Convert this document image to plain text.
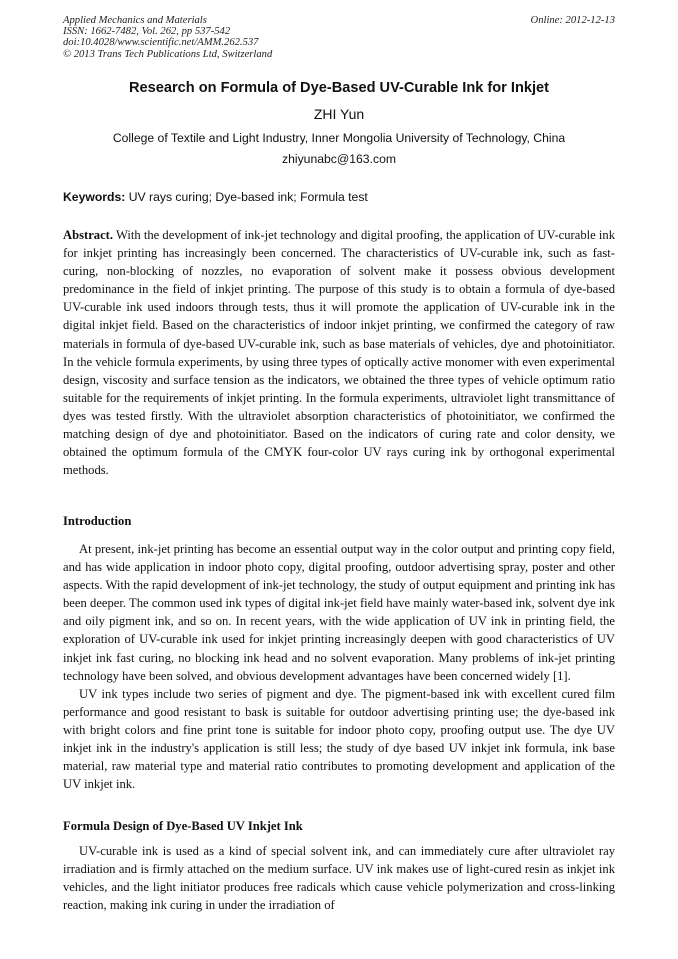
Applied Mechanics and Materials	Online: 2012-12-13
ISSN: 1662-7482, Vol. 262, pp 537-542
doi:10.4028/www.scientific.net/AMM.262.537
© 2013 Trans Tech Publications Ltd, Switzerland
Research on Formula of Dye-Based UV-Curable Ink for Inkjet
ZHI Yun
College of Textile and Light Industry, Inner Mongolia University of Technology, China
zhiyunabc@163.com
Keywords: UV rays curing; Dye-based ink; Formula test

Abstract. With the development of ink-jet technology and digital proofing, the application of UV-curable ink for inkjet printing has increasingly been concerned. The characteristics of UV-curable ink, such as fast-curing, non-blocking of nozzles, no evaporation of solvent make it possess obvious development predominance in the field of inkjet printing. The purpose of this study is to obtain a formula of dye-based UV-curable ink used indoors through tests, thus it will promote the application of UV-curable ink in the digital inkjet field. Based on the characteristics of indoor inkjet printing, we confirmed the category of raw materials in formula of dye-based UV-curable ink, such as base materials of vehicles, dye and photoinitiator. In the vehicle formula experiments, by using three types of optically active monomer with even experimental design, viscosity and surface tension as the indicators, we obtained the three types of vehicle optimum ratio suitable for the requirements of inkjet printing. In the formula experiments, ultraviolet light transmittance of dyes was tested firstly. With the ultraviolet absorption characteristics of photoinitiator, we confirmed the matching design of dye and photoinitiator. Based on the indicators of curing rate and color density, we obtained the optimum formula of the CMYK four-color UV rays curing ink by orthogonal experimental methods.

Introduction

At present, ink-jet printing has become an essential output way in the color output and printing copy field, and has wide application in indoor photo copy, digital proofing, outdoor advertising spray, poster and other aspects. With the rapid development of ink-jet technology, the study of output equipment and printing ink has been deeper. The common used ink types of digital ink-jet field have mainly water-based ink, solvent dye ink and oily pigment ink, and so on. In recent years, with the wide application of UV ink in printing field, the exploration of UV-curable ink used for inkjet printing increasingly deepen with good characteristics of UV inkjet ink fast curing, no blocking ink head and no solvent evaporation. Many problems of ink-jet printing technology have been solved, and obvious development advantages have been concerned widely [1].

UV ink types include two series of pigment and dye. The pigment-based ink with excellent cured film performance and good resistant to bask is suitable for outdoor advertising printing use; the dye-based ink with bright colors and fine print tone is suitable for indoor photo copy, proofing output use. The dye UV inkjet ink in the industry's application is still less; the study of dye based UV inkjet ink formula, ink base material, raw material type and material ratio contributes to promoting development and application of the UV inkjet ink.

Formula Design of Dye-Based UV Inkjet Ink

UV-curable ink is used as a kind of special solvent ink, and can immediately cure after ultraviolet ray irradiation and is firmly attached on the medium surface. UV ink makes use of light-cured resin as inkjet ink vehicles, and the light initiator produces free radicals which cause vehicle polymerization and cross-linking reaction, making ink curing in under the irradiation of
